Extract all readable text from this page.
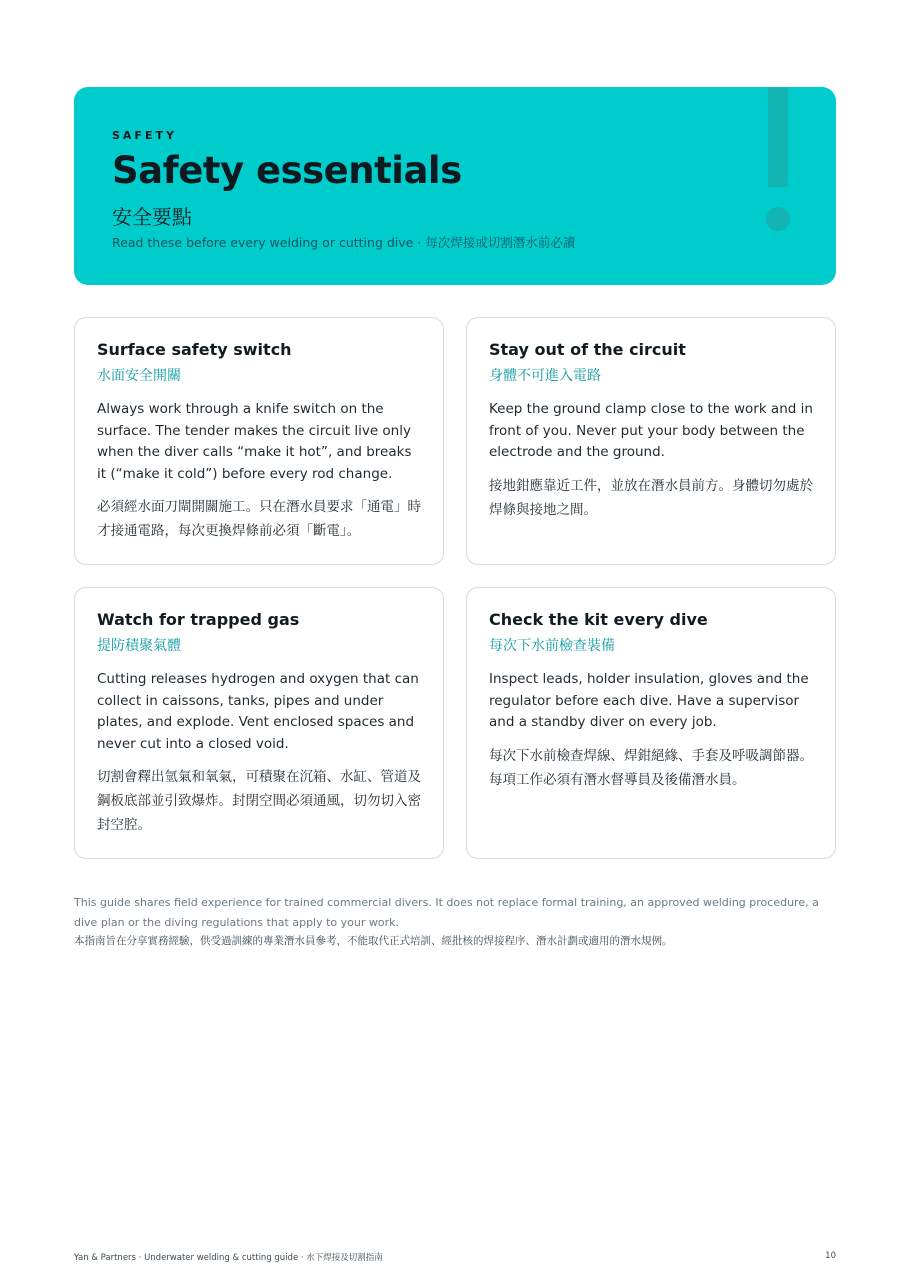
SAFETY
Safety essentials
安全要點
Read these before every welding or cutting dive · 每次焊接或切割潛水前必讀
Surface safety switch
水面安全開關
Always work through a knife switch on the surface. The tender makes the circuit live only when the diver calls “make it hot”, and breaks it (“make it cold”) before every rod change.
必須經水面刀閘開關施工。只在潛水員要求「通電」時才接通電路，每次更換焊條前必須「斷電」。
Stay out of the circuit
身體不可進入電路
Keep the ground clamp close to the work and in front of you. Never put your body between the electrode and the ground.
接地鉗應靠近工件，並放在潛水員前方。身體切勿處於焊條與接地之間。
Watch for trapped gas
提防積聚氣體
Cutting releases hydrogen and oxygen that can collect in caissons, tanks, pipes and under plates, and explode. Vent enclosed spaces and never cut into a closed void.
切割會釋出氫氣和氧氣，可積聚在沉箱、水缸、管道及鋼板底部並引致爆炸。封閉空間必須通風，切勿切入密封空腔。
Check the kit every dive
每次下水前檢查裝備
Inspect leads, holder insulation, gloves and the regulator before each dive. Have a supervisor and a standby diver on every job.
每次下水前檢查焊線、焊鉗絕緣、手套及呼吸調節器。每項工作必須有潛水督導員及後備潛水員。
This guide shares field experience for trained commercial divers. It does not replace formal training, an approved welding procedure, a dive plan or the diving regulations that apply to your work.
本指南旨在分享實務經驗，供受過訓練的專業潛水員參考，不能取代正式培訓、經批核的焊接程序、潛水計劃或適用的潛水規例。
Yan & Partners · Underwater welding & cutting guide · 水下焊接及切割指南	10
